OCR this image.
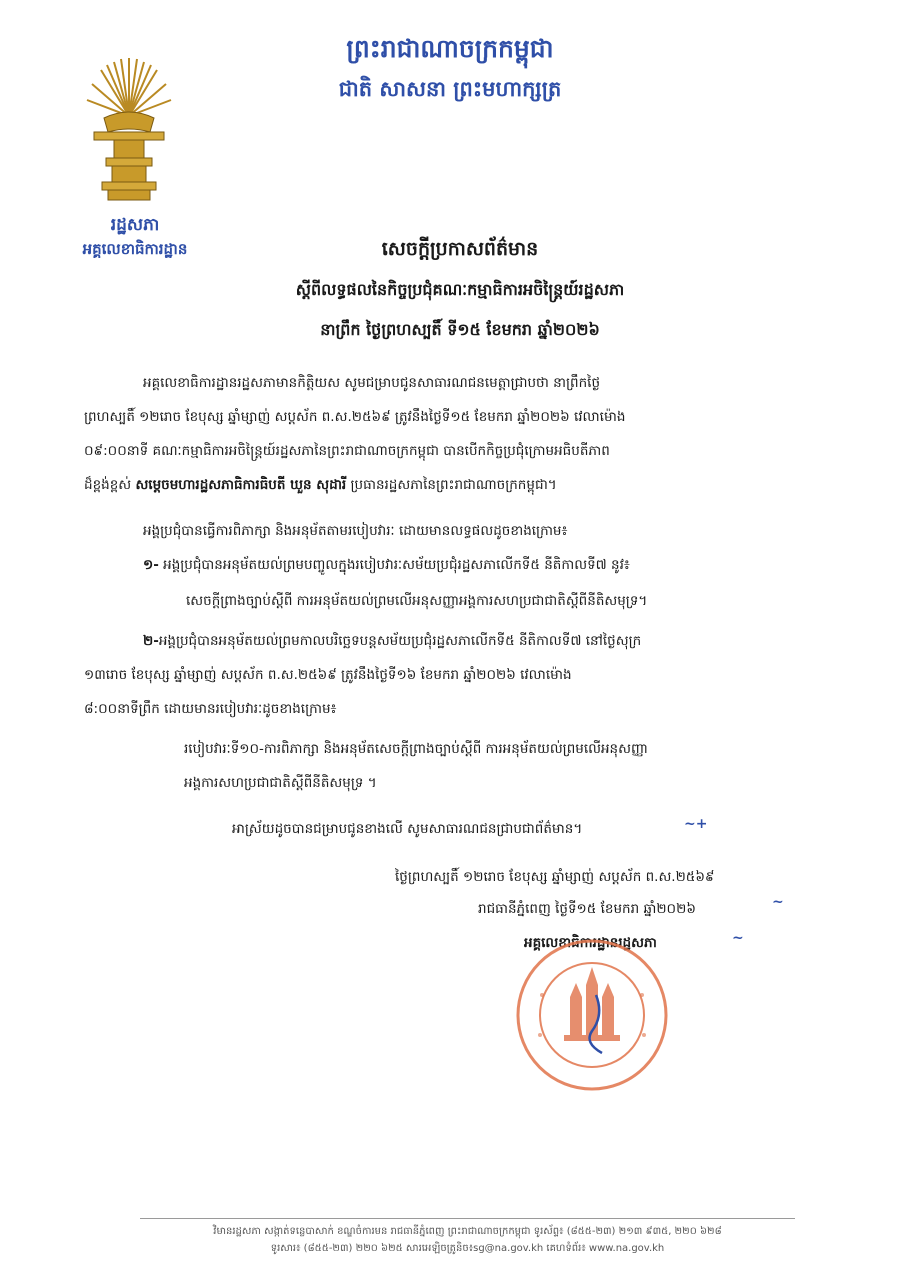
ព្រះរាជាណាចក្រកម្ពុជា
ជាតិ សាសនា ព្រះមហាក្សត្រ
រដ្ឋសភា
អគ្គលេខាធិការដ្ឋាន	សេចក្តីប្រកាសព័ត៌មាន
ស្តីពីលទ្ធផលនៃកិច្ចប្រជុំគណៈកម្មាធិការអចិន្ត្រៃយ៍រដ្ឋសភា
នាព្រឹក ថ្ងៃព្រហស្បតិ៍ ទី១៥ ខែមករា ឆ្នាំ២០២៦
អគ្គលេខាធិការដ្ឋានរដ្ឋសភាមានកិត្តិយស សូមជម្រាបជូនសាធារណជនមេត្តាជ្រាបថា នាព្រឹកថ្ងៃ
ព្រហស្បតិ៍ ១២រោច ខែបុស្ស ឆ្នាំម្សាញ់ សប្តស័ក ព.ស.២៥៦៩ ត្រូវនឹងថ្ងៃទី១៥ ខែមករា ឆ្នាំ២០២៦ វេលាម៉ោង
០៩:០០នាទី គណៈកម្មាធិការអចិន្ត្រៃយ៍រដ្ឋសភានៃព្រះរាជាណាចក្រកម្ពុជា បានបើកកិច្ចប្រជុំក្រោមអធិបតីភាព
ដ៏ខ្ពង់ខ្ពស់ សម្តេចមហារដ្ឋសភាធិការធិបតី ឃួន សុដារី ប្រធានរដ្ឋសភានៃព្រះរាជាណាចក្រកម្ពុជា។
អង្គប្រជុំបានធ្វើការពិភាក្សា និងអនុម័តតាមរបៀបវារៈ ដោយមានលទ្ធផលដូចខាងក្រោម៖
១- អង្គប្រជុំបានអនុម័តយល់ព្រមបញ្ចូលក្នុងរបៀបវារៈសម័យប្រជុំរដ្ឋសភាលើកទី៥ នីតិកាលទី៧ នូវ៖
សេចក្តីព្រាងច្បាប់ស្តីពី ការអនុម័តយល់ព្រមលើអនុសញ្ញាអង្គការសហប្រជាជាតិស្តីពីនីតិសមុទ្រ។
២-អង្គប្រជុំបានអនុម័តយល់ព្រមកាលបរិច្ឆេទបន្តសម័យប្រជុំរដ្ឋសភាលើកទី៥ នីតិកាលទី៧ នៅថ្ងៃសុក្រ
១៣រោច ខែបុស្ស ឆ្នាំម្សាញ់ សប្តស័ក ព.ស.២៥៦៩ ត្រូវនឹងថ្ងៃទី១៦ ខែមករា ឆ្នាំ២០២៦ វេលាម៉ោង
៨:០០នាទីព្រឹក ដោយមានរបៀបវារៈដូចខាងក្រោម៖
របៀបវារៈទី១០-ការពិភាក្សា និងអនុម័តសេចក្តីព្រាងច្បាប់ស្តីពី ការអនុម័តយល់ព្រមលើអនុសញ្ញា
អង្គការសហប្រជាជាតិស្តីពីនីតិសមុទ្រ ។
អាស្រ័យដូចបានជម្រាបជូនខាងលើ សូមសាធារណជនជ្រាបជាព័ត៌មាន។
ថ្ងៃព្រហស្បតិ៍ ១២រោច ខែបុស្ស ឆ្នាំម្សាញ់ សប្តស័ក ព.ស.២៥៦៩
រាជធានីភ្នំពេញ ថ្ងៃទី១៥ ខែមករា ឆ្នាំ២០២៦
អគ្គលេខាធិការដ្ឋានរដ្ឋសភា
~+
~
~
វិមានរដ្ឋសភា សង្កាត់ទន្លេបាសាក់ ខណ្ឌចំការមន រាជធានីភ្នំពេញ ព្រះរាជាណាចក្រកម្ពុជា ទូរស័ព្ទ៖ (៨៥៥-២៣) ២១៣ ៩៣៥, ២២០ ៦២៨
ទូរសារ៖ (៨៥៥-២៣) ២២០ ៦២៥ សារអេឡិចត្រូនិច៖sg@na.gov.kh គេហទំព័រ៖ www.na.gov.kh
